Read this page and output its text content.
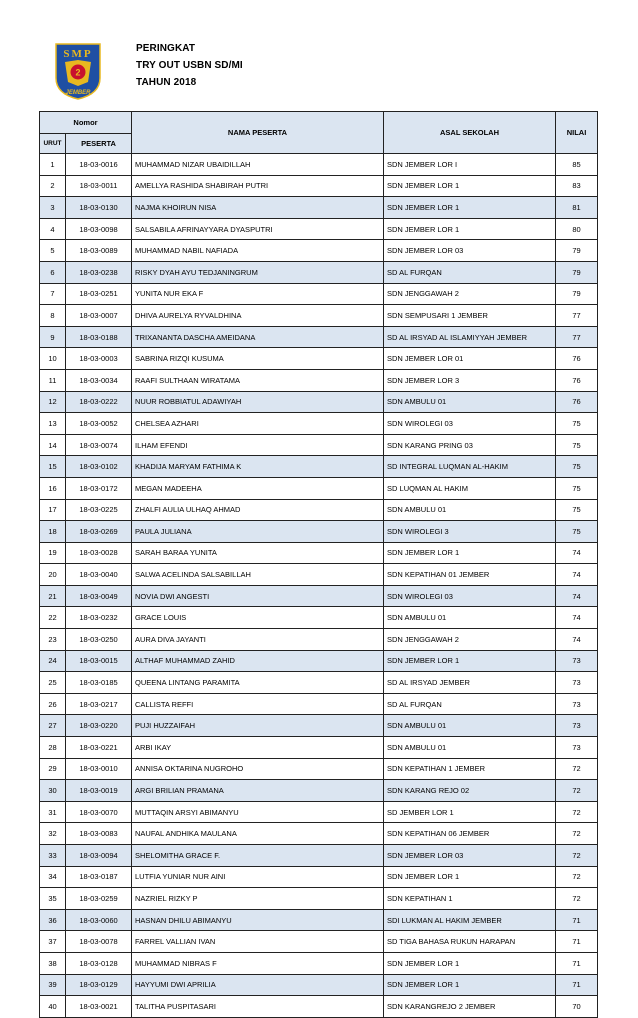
SMP
2
JEMBER
PERINGKAT
TRY OUT USBN SD/MI
TAHUN 2018
Nomor		NAMA PESERTA	ASAL SEKOLAH	NILAI
URUT	PESERTA			
1	18-03-0016	MUHAMMAD NIZAR UBAIDILLAH	SDN JEMBER LOR I	85
2	18-03-0011	AMELLYA RASHIDA SHABIRAH PUTRI	SDN JEMBER LOR 1	83
3	18-03-0130	NAJMA KHOIRUN NISA	SDN JEMBER LOR 1	81
4	18-03-0098	SALSABILA AFRINAYYARA DYASPUTRI	SDN JEMBER LOR 1	80
5	18-03-0089	MUHAMMAD NABIL NAFIADA	SDN JEMBER LOR 03	79
6	18-03-0238	RISKY DYAH AYU TEDJANINGRUM	SD AL FURQAN	79
7	18-03-0251	YUNITA NUR EKA F	SDN JENGGAWAH 2	79
8	18-03-0007	DHIVA AURELYA RYVALDHINA	SDN SEMPUSARI 1 JEMBER	77
9	18-03-0188	TRIXANANTA DASCHA AMEIDANA	SD AL IRSYAD AL ISLAMIYYAH JEMBER	77
10	18-03-0003	SABRINA RIZQI KUSUMA	SDN JEMBER LOR 01	76
11	18-03-0034	RAAFI SULTHAAN WIRATAMA	SDN JEMBER LOR 3	76
12	18-03-0222	NUUR ROBBIATUL ADAWIYAH	SDN AMBULU 01	76
13	18-03-0052	CHELSEA AZHARI	SDN WIROLEGI 03	75
14	18-03-0074	ILHAM EFENDI	SDN KARANG PRING 03	75
15	18-03-0102	KHADIJA MARYAM FATHIMA K	SD INTEGRAL LUQMAN AL-HAKIM	75
16	18-03-0172	MEGAN MADEEHA	SD LUQMAN AL HAKIM	75
17	18-03-0225	ZHALFI AULIA ULHAQ AHMAD	SDN AMBULU 01	75
18	18-03-0269	PAULA JULIANA	SDN WIROLEGI 3	75
19	18-03-0028	SARAH BARAA YUNITA	SDN JEMBER LOR 1	74
20	18-03-0040	SALWA ACELINDA SALSABILLAH	SDN KEPATIHAN 01 JEMBER	74
21	18-03-0049	NOVIA DWI ANGESTI	SDN WIROLEGI 03	74
22	18-03-0232	GRACE LOUIS	SDN AMBULU 01	74
23	18-03-0250	AURA DIVA JAYANTI	SDN JENGGAWAH 2	74
24	18-03-0015	ALTHAF MUHAMMAD ZAHID	SDN JEMBER LOR 1	73
25	18-03-0185	QUEENA LINTANG PARAMITA	SD AL IRSYAD JEMBER	73
26	18-03-0217	CALLISTA REFFI	SD AL FURQAN	73
27	18-03-0220	PUJI HUZZAIFAH	SDN AMBULU 01	73
28	18-03-0221	ARBI IKAY	SDN AMBULU 01	73
29	18-03-0010	ANNISA OKTARINA NUGROHO	SDN KEPATIHAN 1 JEMBER	72
30	18-03-0019	ARGI BRILIAN PRAMANA	SDN KARANG REJO 02	72
31	18-03-0070	MUTTAQIN ARSYI ABIMANYU	SD JEMBER LOR 1	72
32	18-03-0083	NAUFAL ANDHIKA MAULANA	SDN KEPATIHAN 06 JEMBER	72
33	18-03-0094	SHELOMITHA GRACE F.	SDN JEMBER LOR 03	72
34	18-03-0187	LUTFIA YUNIAR NUR AINI	SDN JEMBER LOR 1	72
35	18-03-0259	NAZRIEL RIZKY P	SDN KEPATIHAN 1	72
36	18-03-0060	HASNAN DHILU ABIMANYU	SDI LUKMAN AL HAKIM JEMBER	71
37	18-03-0078	FARREL VALLIAN IVAN	SD TIGA BAHASA RUKUN HARAPAN	71
38	18-03-0128	MUHAMMAD NIBRAS F	SDN JEMBER LOR 1	71
39	18-03-0129	HAYYUMI DWI APRILIA	SDN JEMBER LOR 1	71
40	18-03-0021	TALITHA PUSPITASARI	SDN KARANGREJO 2 JEMBER	70
